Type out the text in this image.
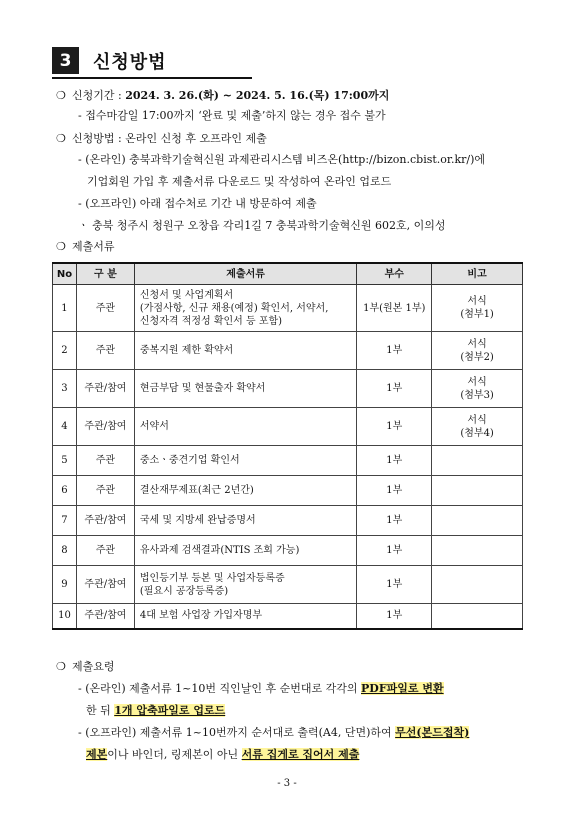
3	신청방법
❍ 신청기간 : 2024. 3. 26.(화) ~ 2024. 5. 16.(목) 17:00까지
- 접수마감일 17:00까지 ‘완료 및 제출’하지 않는 경우 접수 불가
❍ 신청방법 : 온라인 신청 후 오프라인 제출
- (온라인) 충북과학기술혁신원 과제관리시스템 비즈온(http://bizon.cbist.or.kr/)에
기업회원 가입 후 제출서류 다운로드 및 작성하여 온라인 업로드
- (오프라인) 아래 접수처로 기간 내 방문하여 제출
ㆍ 충북 청주시 청원구 오창읍 각리1길 7 충북과학기술혁신원 602호, 이의성
❍ 제출서류
No	구 분	제출서류	부수	비고
1	주관	신청서 및 사업계획서
(가점사항, 신규 채용(예정) 확인서, 서약서,
신청자격 적정성 확인서 등 포함)	1부(원본 1부)	서식
(첨부1)
2	주관	중복지원 제한 확약서	1부	서식
(첨부2)
3	주관/참여	현금부담 및 현물출자 확약서	1부	서식
(첨부3)
4	주관/참여	서약서	1부	서식
(첨부4)
5	주관	중소ㆍ중견기업 확인서	1부	
6	주관	결산재무제표(최근 2년간)	1부	
7	주관/참여	국세 및 지방세 완납증명서	1부	
8	주관	유사과제 검색결과(NTIS 조회 가능)	1부	
9	주관/참여	법인등기부 등본 및 사업자등록증
(필요시 공장등록증)	1부	
10	주관/참여	4대 보험 사업장 가입자명부	1부	
❍ 제출요령
- (온라인) 제출서류 1~10번 직인날인 후 순번대로 각각의 PDF파일로 변환
한 뒤 1개 압축파일로 업로드
- (오프라인) 제출서류 1~10번까지 순서대로 출력(A4, 단면)하여 무선(본드접착)
제본이나 바인더, 링제본이 아닌 서류 집게로 집어서 제출
- 3 -
